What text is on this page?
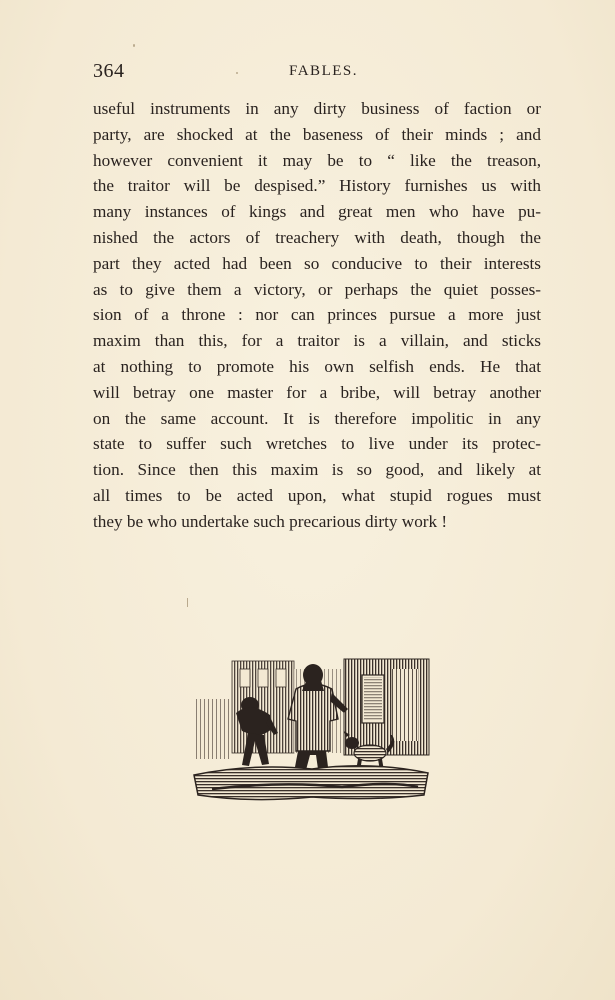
364	FABLES.
useful instruments in any dirty business of faction or
party, are shocked at the baseness of their minds ; and
however convenient it may be to “ like the treason,
the traitor will be despised.” History furnishes us with
many instances of kings and great men who have pu-
nished the actors of treachery with death, though the
part they acted had been so conducive to their interests
as to give them a victory, or perhaps the quiet posses-
sion of a throne : nor can princes pursue a more just
maxim than this, for a traitor is a villain, and sticks
at nothing to promote his own selfish ends. He that
will betray one master for a bribe, will betray another
on the same account. It is therefore impolitic in any
state to suffer such wretches to live under its protec-
tion. Since then this maxim is so good, and likely at
all times to be acted upon, what stupid rogues must
they be who undertake such precarious dirty work !
